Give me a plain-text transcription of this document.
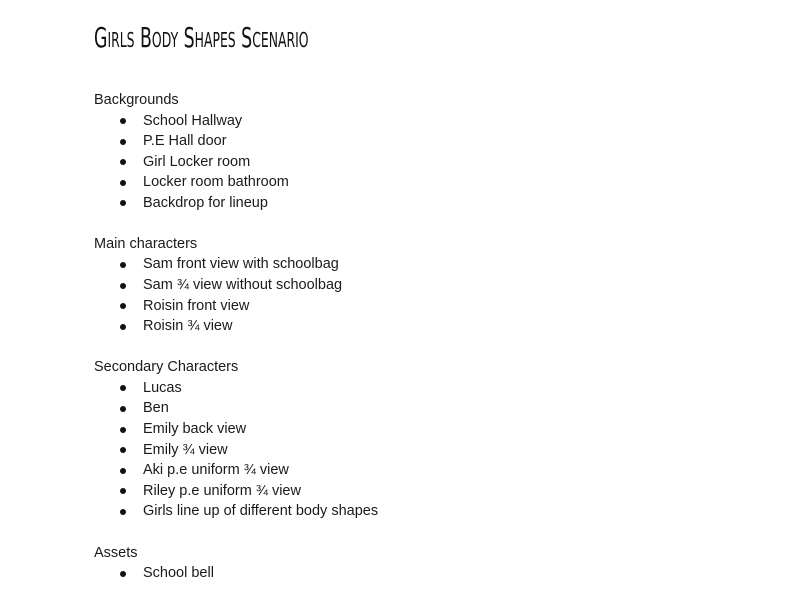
Girls Body Shapes Scenario

Backgrounds

School Hallway
P.E Hall door
Girl Locker room
Locker room bathroom
Backdrop for lineup

Main characters

Sam front view with schoolbag
Sam ¾ view without schoolbag
Roisin front view
Roisin ¾ view

Secondary Characters

Lucas
Ben
Emily back view
Emily ¾ view
Aki p.e uniform ¾ view
Riley p.e uniform ¾ view
Girls line up of different body shapes

Assets

School bell
